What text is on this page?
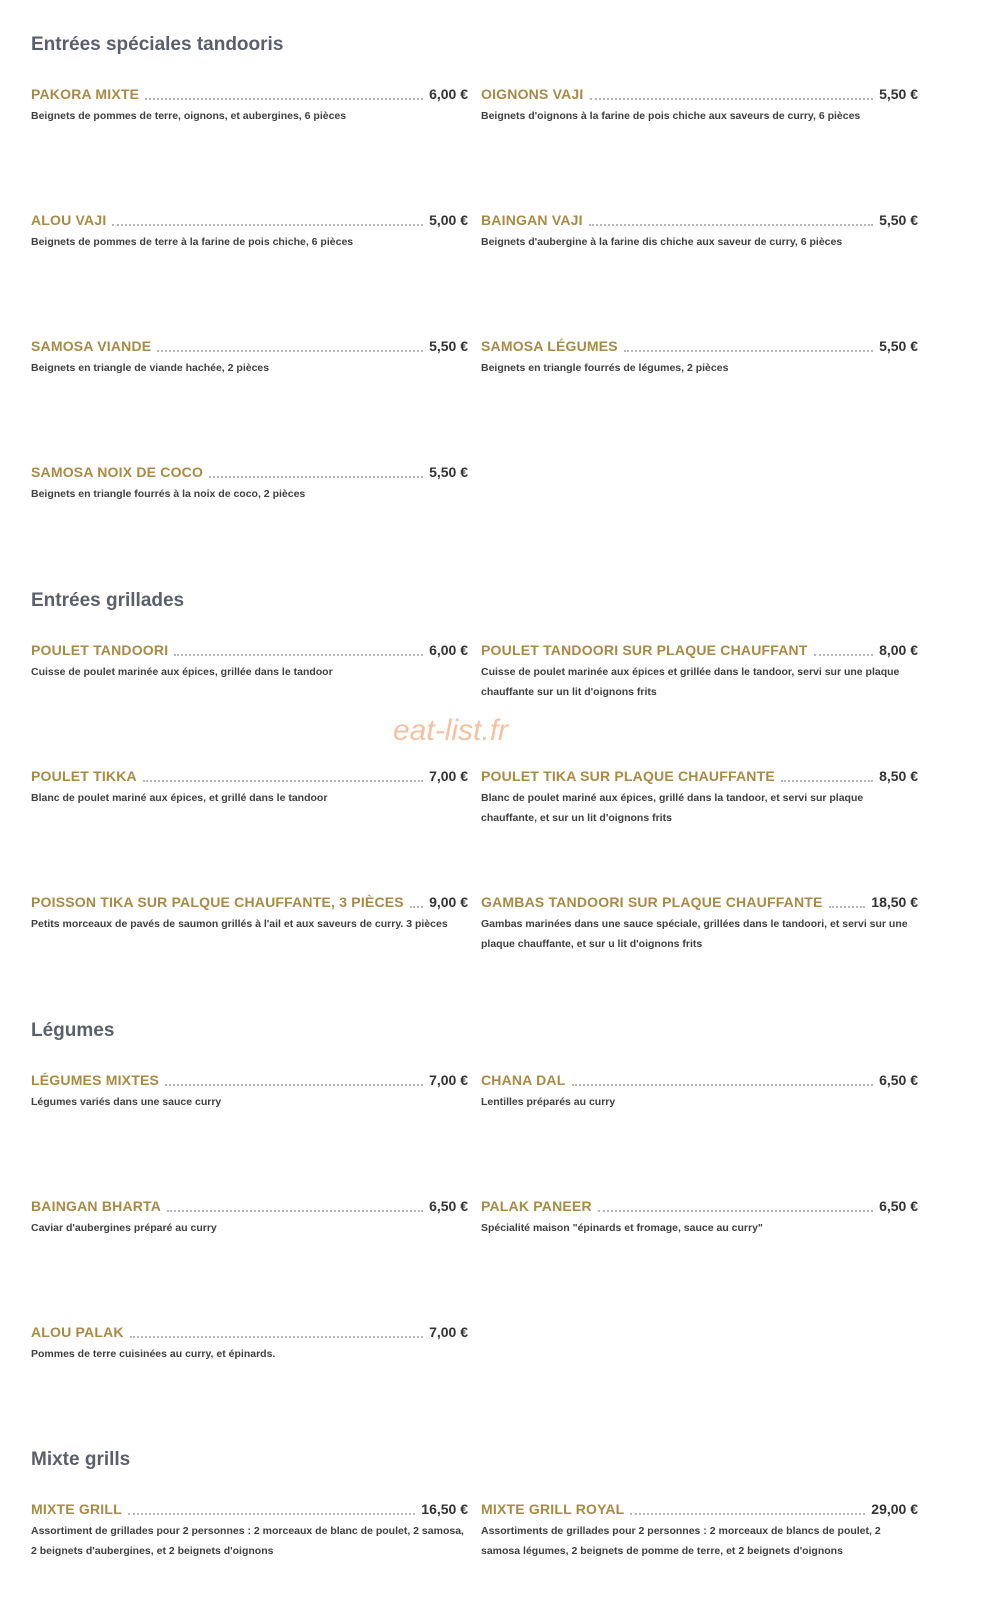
Entrées spéciales tandooris
PAKORA MIXTE	6,00 €
Beignets de pommes de terre, oignons, et aubergines, 6 pièces
OIGNONS VAJI	5,50 €
Beignets d'oignons à la farine de pois chiche aux saveurs de curry, 6 pièces
ALOU VAJI	5,00 €
Beignets de pommes de terre à la farine de pois chiche, 6 pièces
BAINGAN VAJI	5,50 €
Beignets d'aubergine à la farine dis chiche aux saveur de curry, 6 pièces
SAMOSA VIANDE	5,50 €
Beignets en triangle de viande hachée, 2 pièces
SAMOSA LÉGUMES	5,50 €
Beignets en triangle fourrés de légumes, 2 pièces
SAMOSA NOIX DE COCO	5,50 €
Beignets en triangle fourrés à la noix de coco, 2 pièces
Entrées grillades
POULET TANDOORI	6,00 €
Cuisse de poulet marinée aux épices, grillée dans le tandoor
POULET TANDOORI SUR PLAQUE CHAUFFANT	8,00 €
Cuisse de poulet marinée aux épices et grillée dans le tandoor, servi sur une plaque chauffante sur un lit d'oignons frits
POULET TIKKA	7,00 €
Blanc de poulet mariné aux épices, et grillé dans le tandoor
POULET TIKA SUR PLAQUE CHAUFFANTE	8,50 €
Blanc de poulet mariné aux épices, grillé dans la tandoor, et servi sur plaque chauffante, et sur un lit d'oignons frits
POISSON TIKA SUR PALQUE CHAUFFANTE, 3 PIÈCES 9,00 €
Petits morceaux de pavés de saumon grillés à l'ail et aux saveurs de curry. 3 pièces
GAMBAS TANDOORI SUR PLAQUE CHAUFFANTE	18,50 €
Gambas marinées dans une sauce spéciale, grillées dans le tandoori, et servi sur une plaque chauffante, et sur u lit d'oignons frits
eat-list.fr
Légumes
LÉGUMES MIXTES	7,00 €
Légumes variés dans une sauce curry
CHANA DAL	6,50 €
Lentilles préparés au curry
BAINGAN BHARTA	6,50 €
Caviar d'aubergines préparé au curry
PALAK PANEER	6,50 €
Spécialité maison "épinards et fromage, sauce au curry"
ALOU PALAK	7,00 €
Pommes de terre cuisinées au curry, et épinards.
Mixte grills
MIXTE GRILL	16,50 €
Assortiment de grillades pour 2 personnes : 2 morceaux de blanc de poulet, 2 samosa, 2 beignets d'aubergines, et 2 beignets d'oignons
MIXTE GRILL ROYAL	29,00 €
Assortiments de grillades pour 2 personnes : 2 morceaux de blancs de poulet, 2 samosa légumes, 2 beignets de pomme de terre, et 2 beignets d'oignons
